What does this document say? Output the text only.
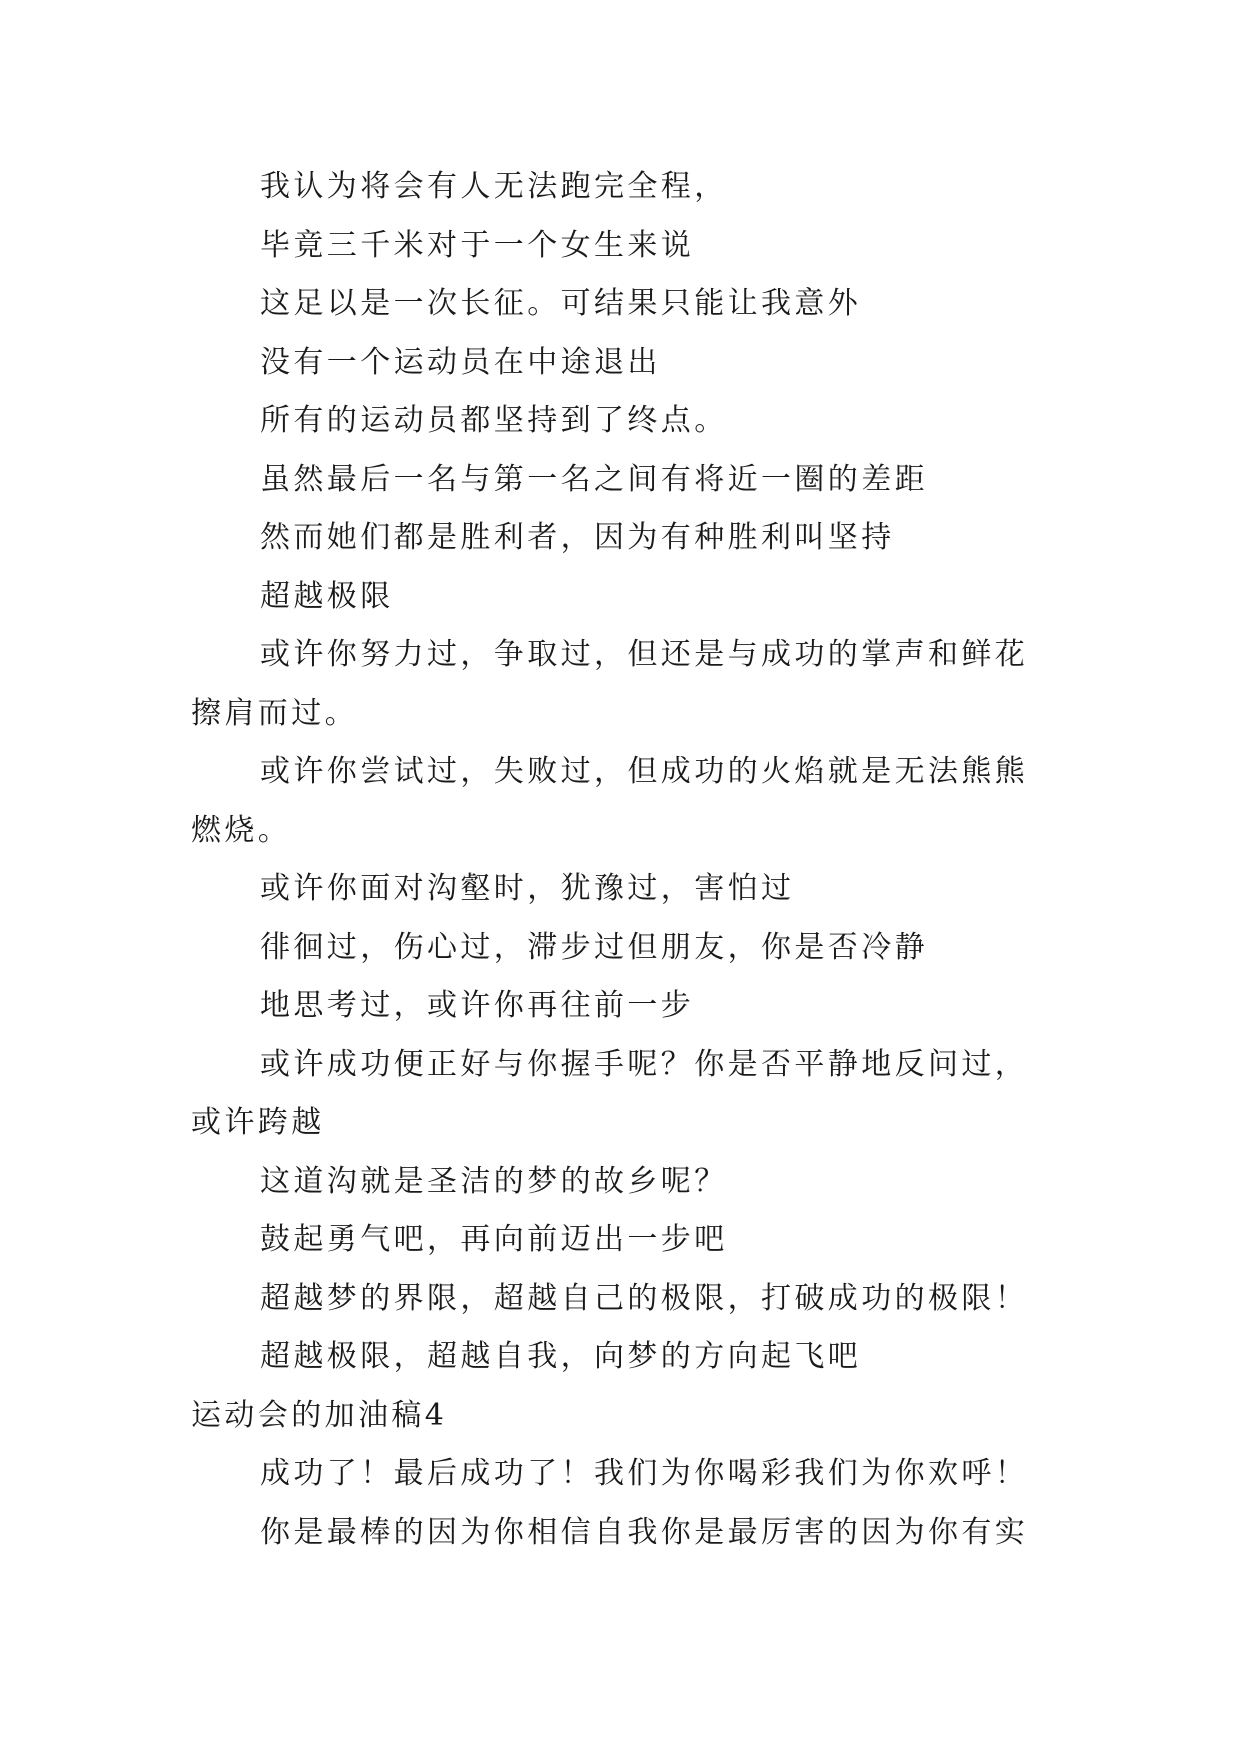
我认为将会有人无法跑完全程，

毕竟三千米对于一个女生来说

这足以是一次长征。可结果只能让我意外

没有一个运动员在中途退出

所有的运动员都坚持到了终点。

虽然最后一名与第一名之间有将近一圈的差距

然而她们都是胜利者，因为有种胜利叫坚持

超越极限

或许你努力过，争取过，但还是与成功的掌声和鲜花擦肩而过。

或许你尝试过，失败过，但成功的火焰就是无法熊熊燃烧。

或许你面对沟壑时，犹豫过，害怕过

徘徊过，伤心过，滞步过但朋友，你是否冷静

地思考过，或许你再往前一步

或许成功便正好与你握手呢？你是否平静地反问过，或许跨越

这道沟就是圣洁的梦的故乡呢？

鼓起勇气吧，再向前迈出一步吧

超越梦的界限，超越自己的极限，打破成功的极限！

超越极限，超越自我，向梦的方向起飞吧

运动会的加油稿4

成功了！最后成功了！我们为你喝彩我们为你欢呼！

你是最棒的因为你相信自我你是最厉害的因为你有实
